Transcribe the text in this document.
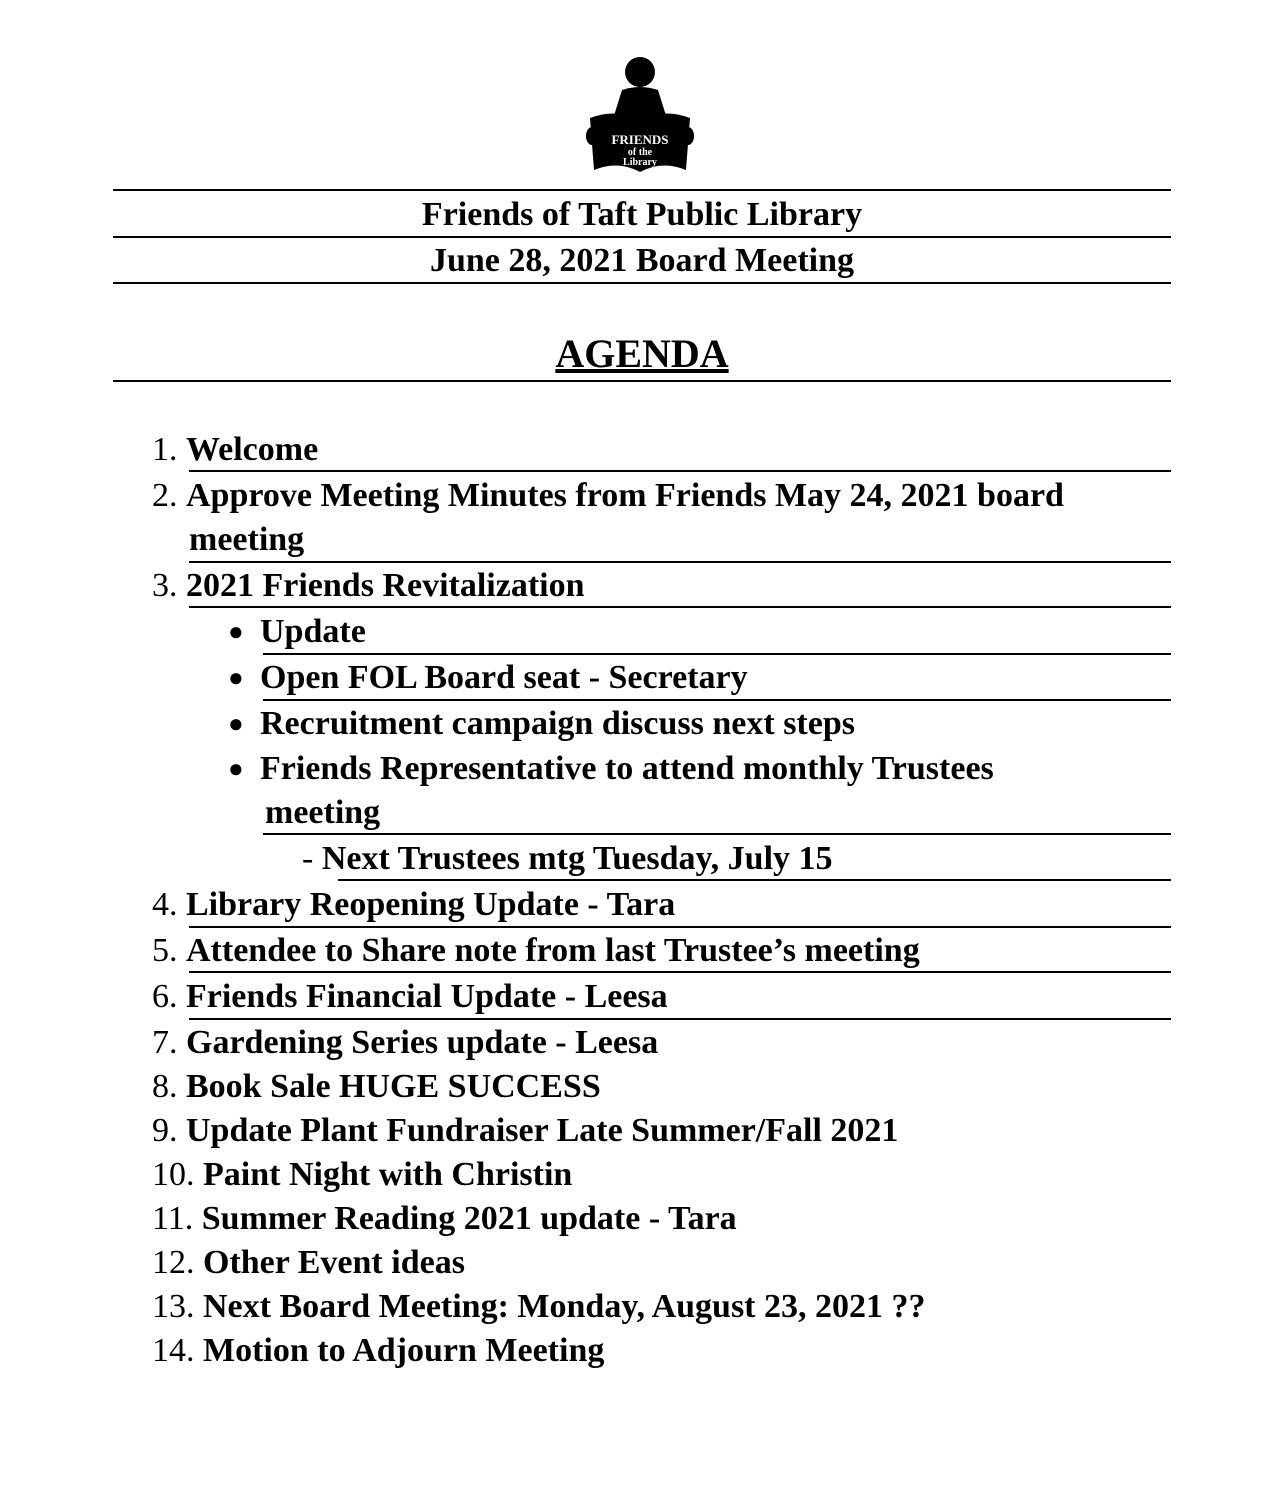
FRIENDS
of the
Library
Friends of Taft Public Library
June 28, 2021 Board Meeting
AGENDA
1. Welcome
2. Approve Meeting Minutes from Friends May 24, 2021 board
meeting
3. 2021 Friends Revitalization
● Update
● Open FOL Board seat - Secretary
● Recruitment campaign discuss next steps
● Friends Representative to attend monthly Trustees
meeting
- Next Trustees mtg Tuesday, July 15
4. Library Reopening Update - Tara
5. Attendee to Share note from last Trustee’s meeting
6. Friends Financial Update - Leesa
7. Gardening Series update - Leesa
8. Book Sale HUGE SUCCESS
9. Update Plant Fundraiser Late Summer/Fall 2021
10. Paint Night with Christin
11. Summer Reading 2021 update - Tara
12. Other Event ideas
13. Next Board Meeting: Monday, August 23, 2021 ??
14. Motion to Adjourn Meeting
